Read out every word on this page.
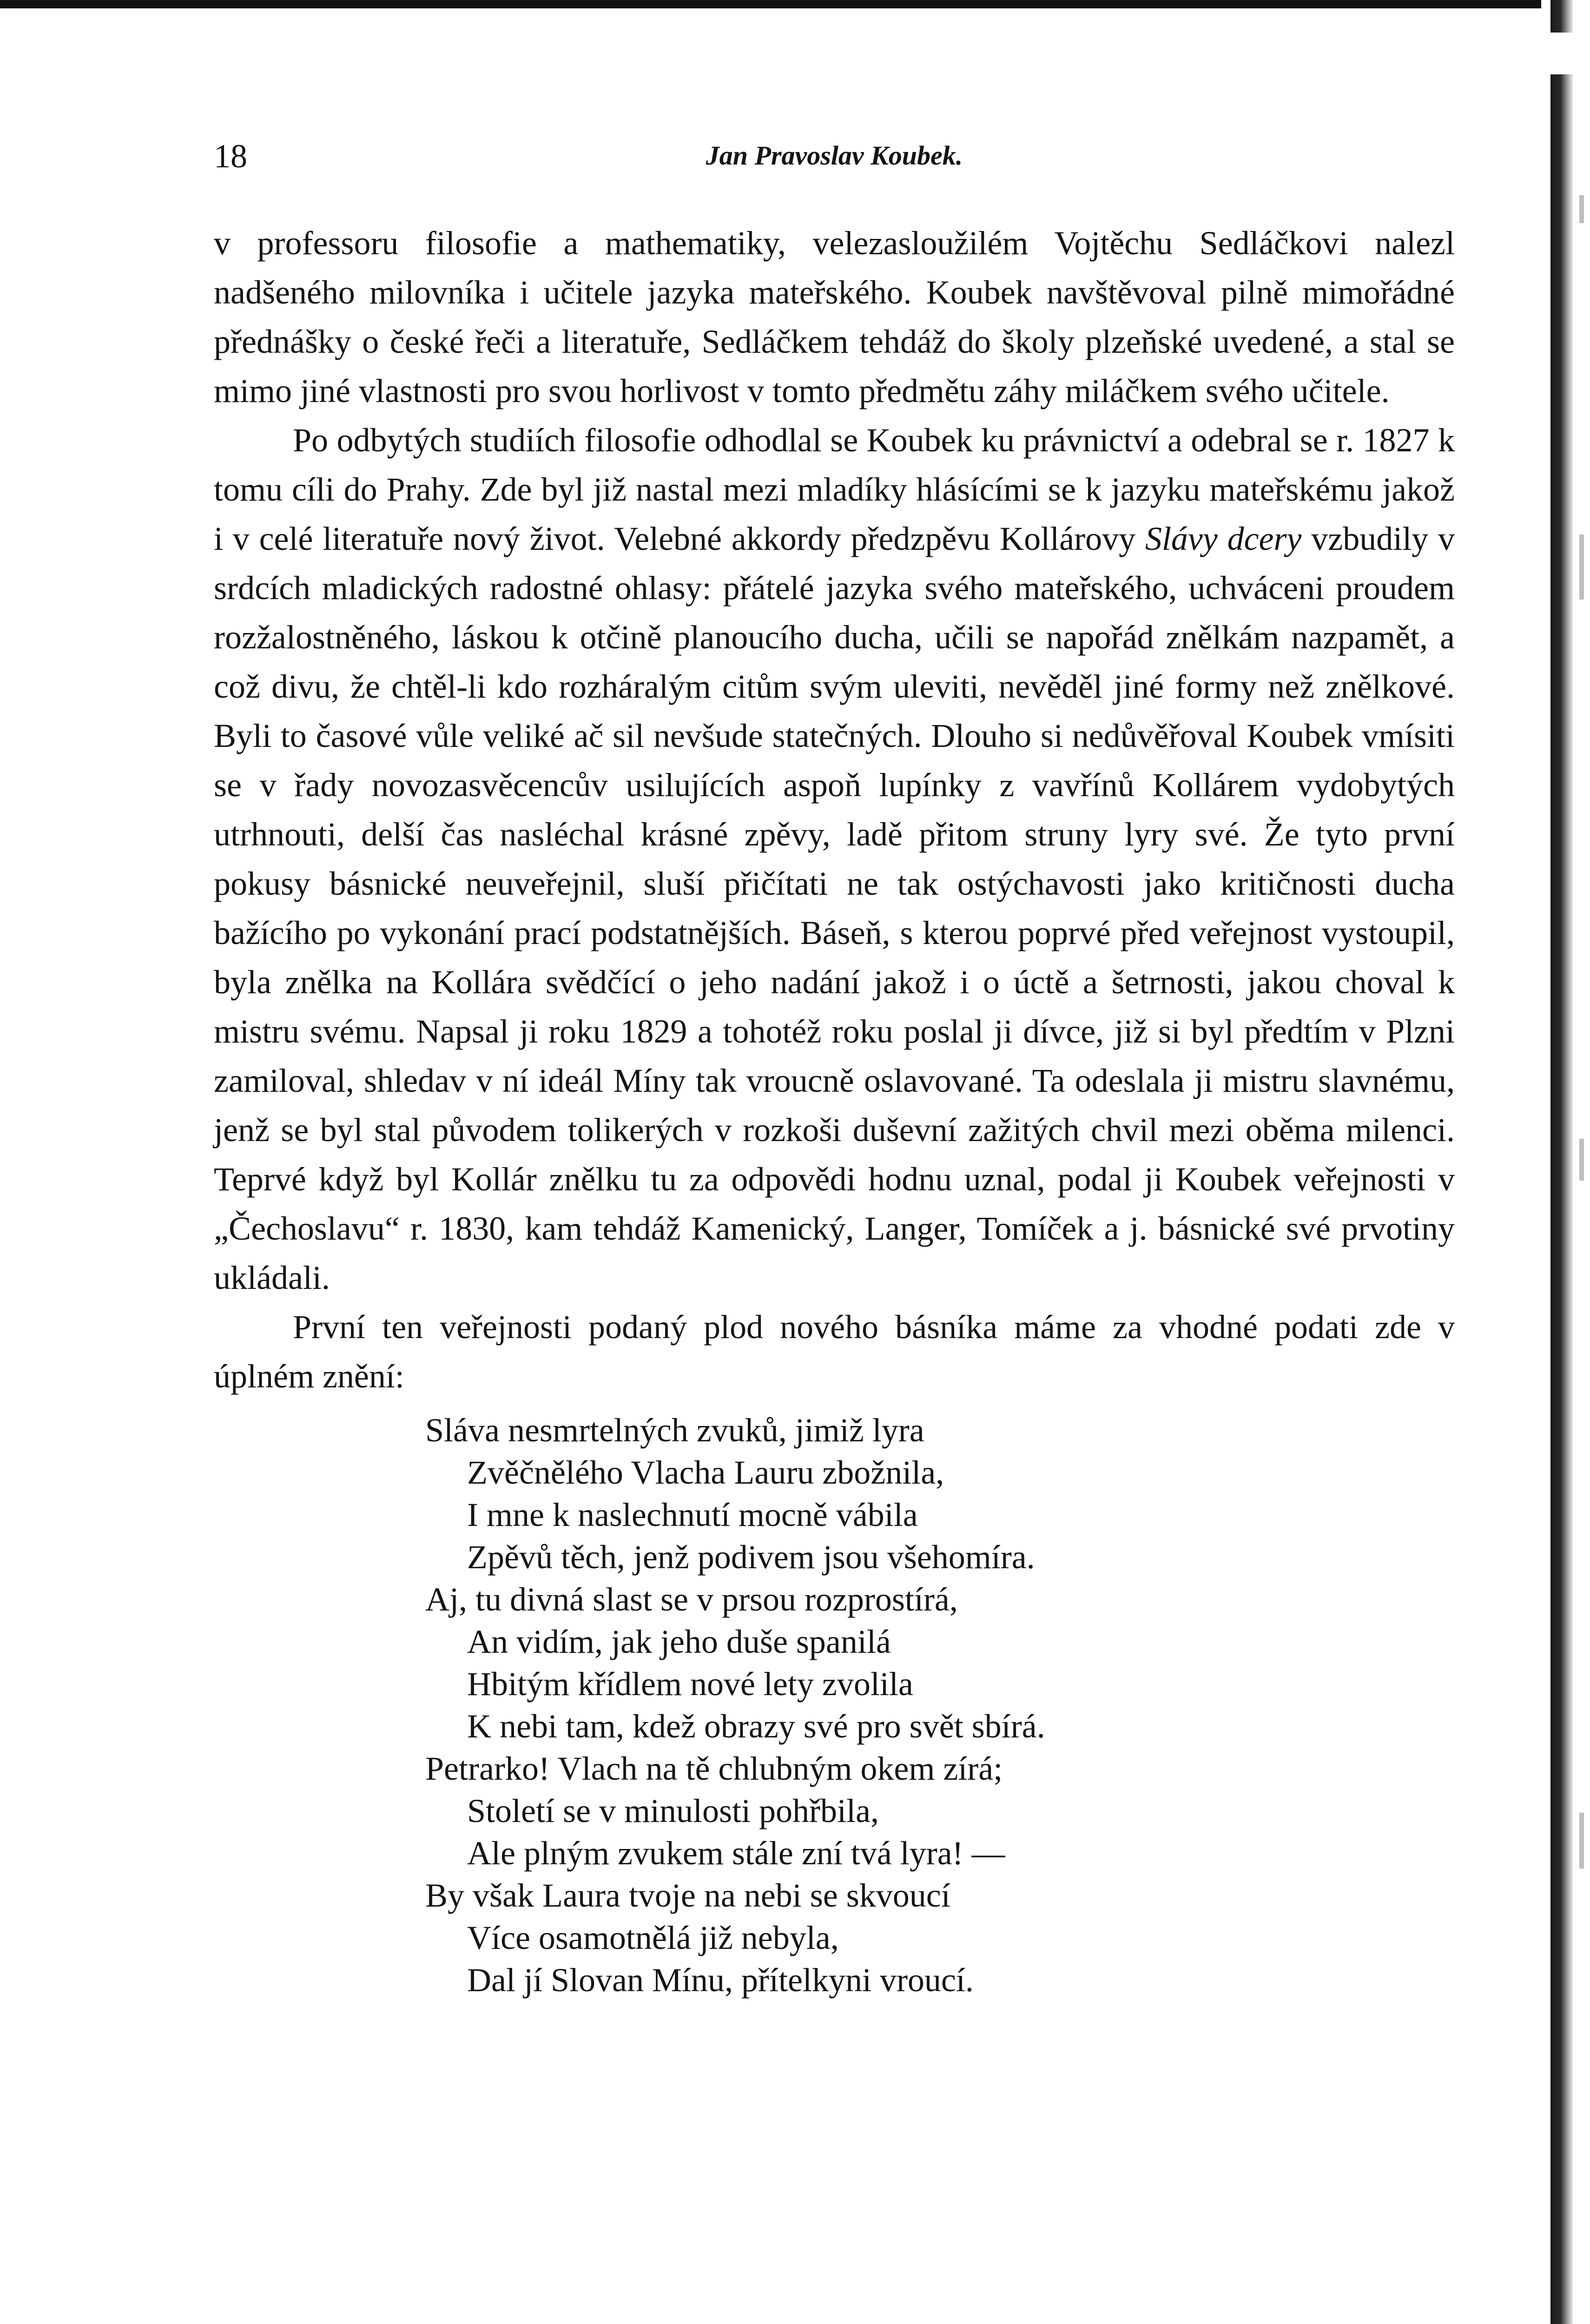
18	Jan Pravoslav Koubek.

v professoru filosofie a mathematiky, velezasloužilém Vojtěchu Sedláčkovi nalezl nadšeného milovníka i učitele jazyka mateřského. Koubek navštěvoval pilně mimořádné přednášky o české řeči a literatuře, Sedláčkem tehdáž do školy plzeňské uvedené, a stal se mimo jiné vlastnosti pro svou horlivost v tomto předmětu záhy miláčkem svého učitele.

Po odbytých studiích filosofie odhodlal se Koubek ku právnictví a odebral se r. 1827 k tomu cíli do Prahy. Zde byl již nastal mezi mladíky hlásícími se k jazyku mateřskému jakož i v celé literatuře nový život. Velebné akkordy předzpěvu Kollárovy Slávy dcery vzbudily v srdcích mladických radostné ohlasy: přátelé jazyka svého mateřského, uchváceni proudem rozžalostněného, láskou k otčině planoucího ducha, učili se napořád znělkám nazpamět, a což divu, že chtěl-li kdo rozháralým citům svým uleviti, nevěděl jiné formy než znělkové. Byli to časové vůle veliké ač sil nevšude statečných. Dlouho si nedůvěřoval Koubek vmísiti se v řady novozasvěcencův usilujících aspoň lupínky z vavřínů Kollárem vydobytých utrhnouti, delší čas nasléchal krásné zpěvy, ladě přitom struny lyry své. Že tyto první pokusy básnické neuveřejnil, sluší přičítati ne tak ostýchavosti jako kritičnosti ducha bažícího po vykonání prací podstatnějších. Báseň, s kterou poprvé před veřejnost vystoupil, byla znělka na Kollára svědčící o jeho nadání jakož i o úctě a šetrnosti, jakou choval k mistru svému. Napsal ji roku 1829 a tohotéž roku poslal ji dívce, již si byl předtím v Plzni zamiloval, shledav v ní ideál Míny tak vroucně oslavované. Ta odeslala ji mistru slavnému, jenž se byl stal původem tolikerých v rozkoši duševní zažitých chvil mezi oběma milenci. Teprvé když byl Kollár znělku tu za odpovědi hodnu uznal, podal ji Koubek veřejnosti v „Čechoslavu“ r. 1830, kam tehdáž Kamenický, Langer, Tomíček a j. básnické své prvotiny ukládali.

První ten veřejnosti podaný plod nového básníka máme za vhodné podati zde v úplném znění:

Sláva nesmrtelných zvuků, jimiž lyra
Zvěčnělého Vlacha Lauru zbožnila,
I mne k naslechnutí mocně vábila
Zpěvů těch, jenž podivem jsou všehomíra.
Aj, tu divná slast se v prsou rozprostírá,
An vidím, jak jeho duše spanilá
Hbitým křídlem nové lety zvolila
K nebi tam, kdež obrazy své pro svět sbírá.
Petrarko! Vlach na tě chlubným okem zírá;
Století se v minulosti pohřbila,
Ale plným zvukem stále zní tvá lyra! —
By však Laura tvoje na nebi se skvoucí
Více osamotnělá již nebyla,
Dal jí Slovan Mínu, přítelkyni vroucí.
